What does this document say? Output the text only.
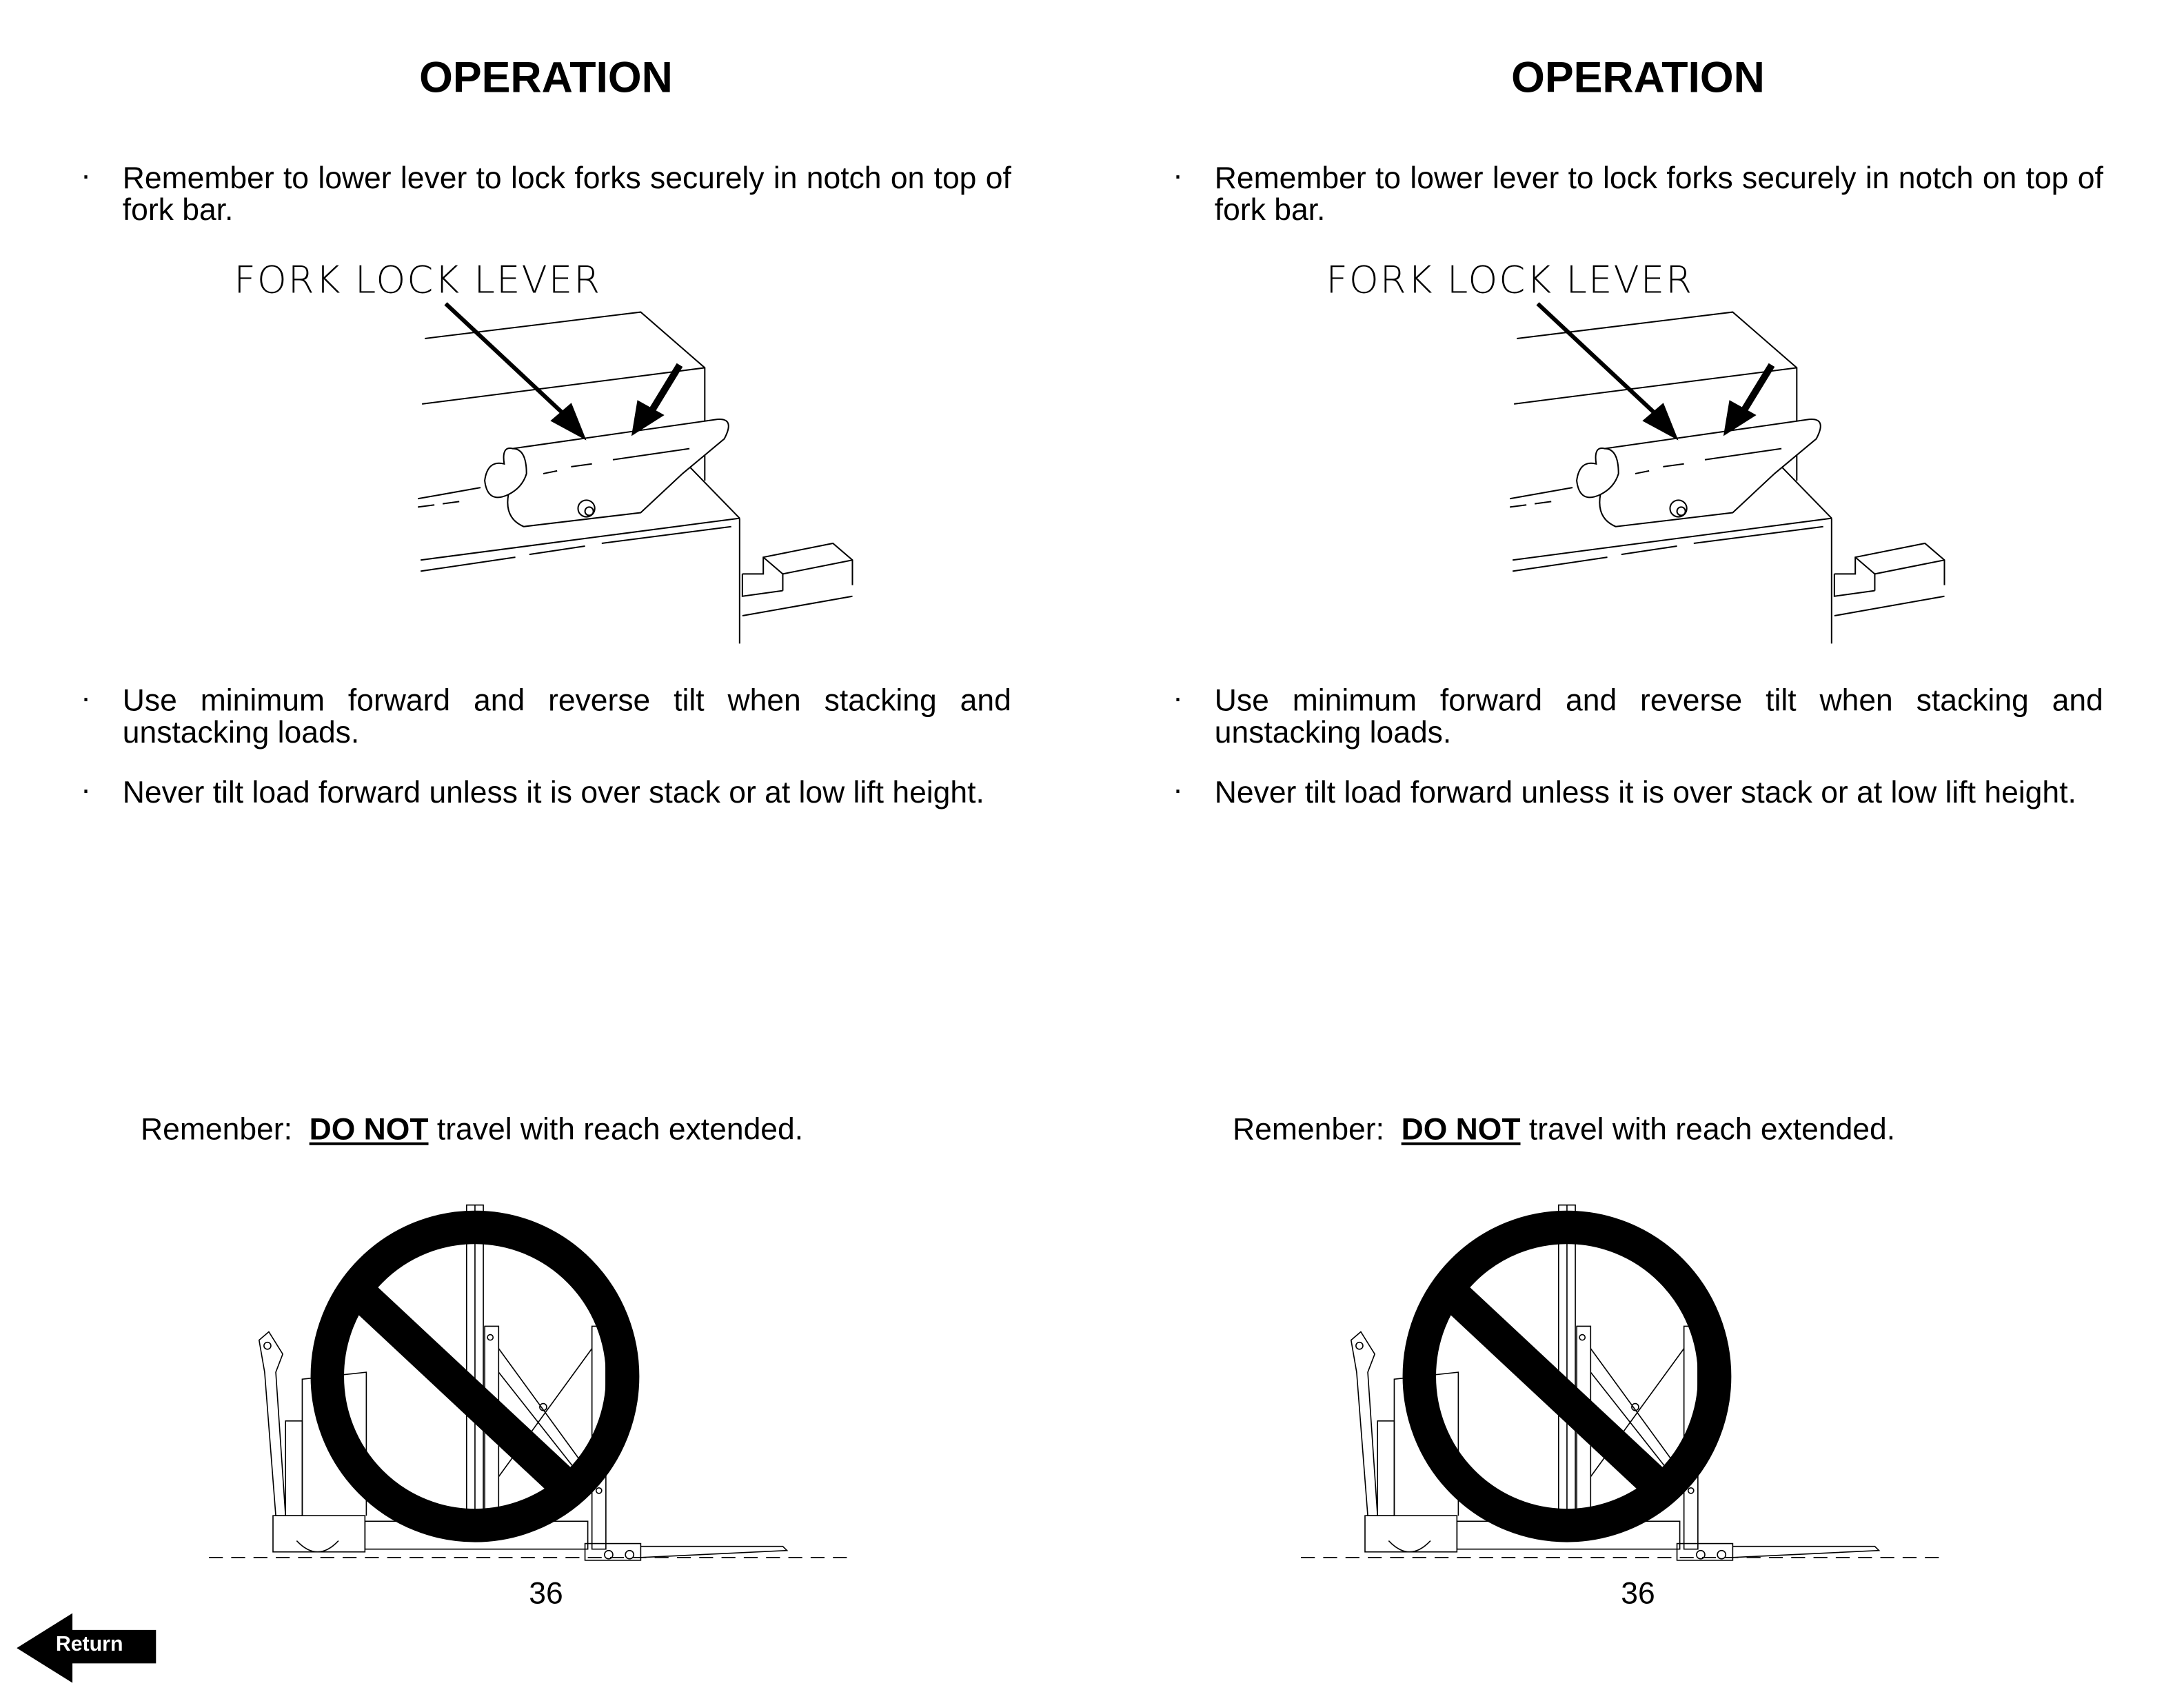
OPERATION
· Remember to lower lever to lock forks securely in notch on top of fork bar.
FORK LOCK LEVER
· Use minimum forward and reverse tilt when stacking and unstacking loads.
· Never tilt load forward unless it is over stack or at low lift height.
Remenber:  DO NOT travel with reach extended.
36
OPERATION
· Remember to lower lever to lock forks securely in notch on top of fork bar.
FORK LOCK LEVER
· Use minimum forward and reverse tilt when stacking and unstacking loads.
· Never tilt load forward unless it is over stack or at low lift height.
Remenber:  DO NOT travel with reach extended.
36
Return
